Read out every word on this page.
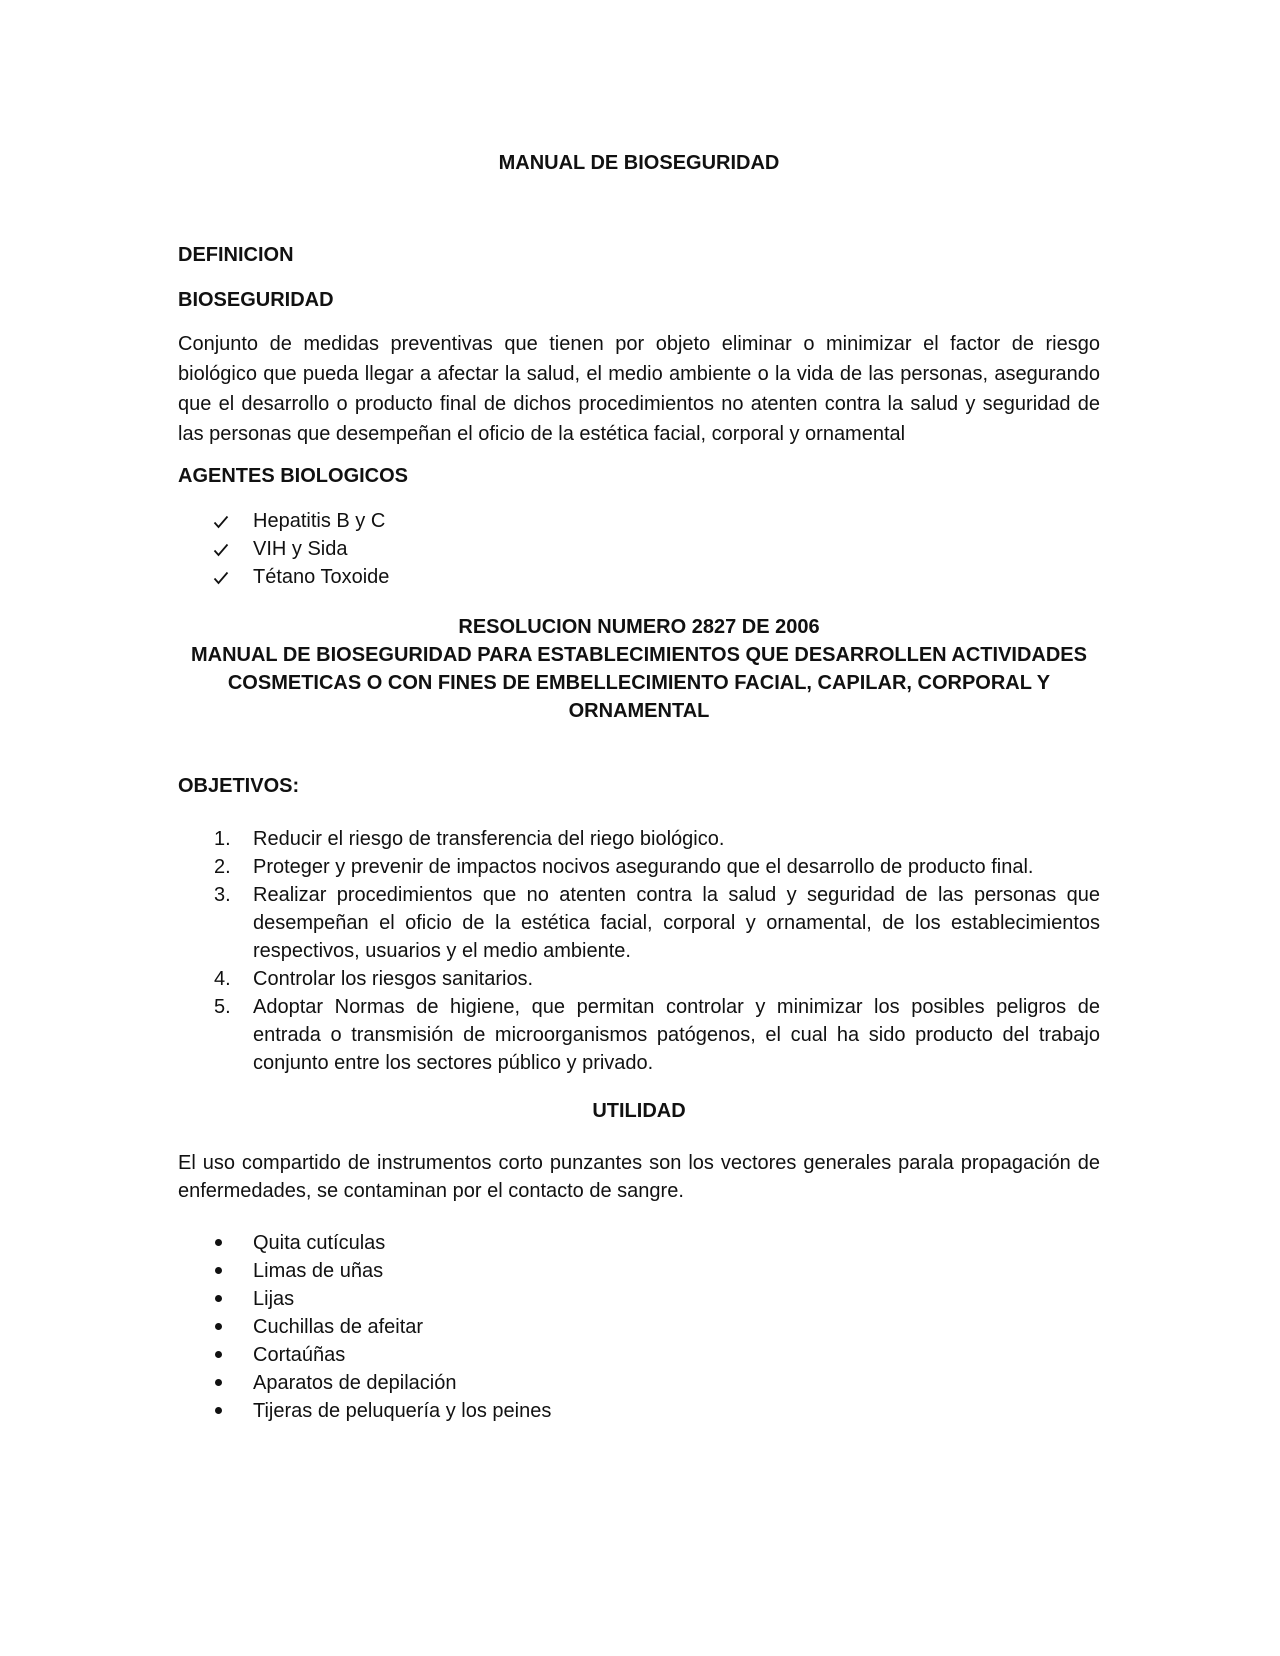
MANUAL DE BIOSEGURIDAD

DEFINICION

BIOSEGURIDAD

Conjunto de medidas preventivas que tienen por objeto eliminar o minimizar el factor de riesgo biológico que pueda llegar a afectar la salud, el medio ambiente o la vida de las personas, asegurando que el desarrollo o producto final de dichos procedimientos no atenten contra la salud y seguridad de las personas que desempeñan el oficio de la estética facial, corporal y ornamental

AGENTES BIOLOGICOS

Hepatitis B y C
VIH y Sida
Tétano Toxoide

RESOLUCION NUMERO 2827 DE 2006

MANUAL DE BIOSEGURIDAD PARA ESTABLECIMIENTOS QUE DESARROLLEN ACTIVIDADES

COSMETICAS O CON FINES DE EMBELLECIMIENTO FACIAL, CAPILAR, CORPORAL Y ORNAMENTAL

OBJETIVOS:

1.	Reducir el riesgo de transferencia del riego biológico.
2.	Proteger y prevenir de impactos nocivos asegurando que el desarrollo de producto final.
3.	Realizar procedimientos que no atenten contra la salud y seguridad de las personas que desempeñan el oficio de la estética facial, corporal y ornamental, de los establecimientos respectivos, usuarios y el medio ambiente.
4.	Controlar los riesgos sanitarios.
5.	Adoptar Normas de higiene, que permitan controlar y minimizar los posibles peligros de entrada o transmisión de microorganismos patógenos, el cual ha sido producto del trabajo conjunto entre los sectores público y privado.

UTILIDAD

El uso compartido de instrumentos corto punzantes son los vectores generales parala propagación de enfermedades, se contaminan por el contacto de sangre.

Quita cutículas
Limas de uñas
Lijas
Cuchillas de afeitar
Cortaúñas
Aparatos de depilación
Tijeras de peluquería y los peines
